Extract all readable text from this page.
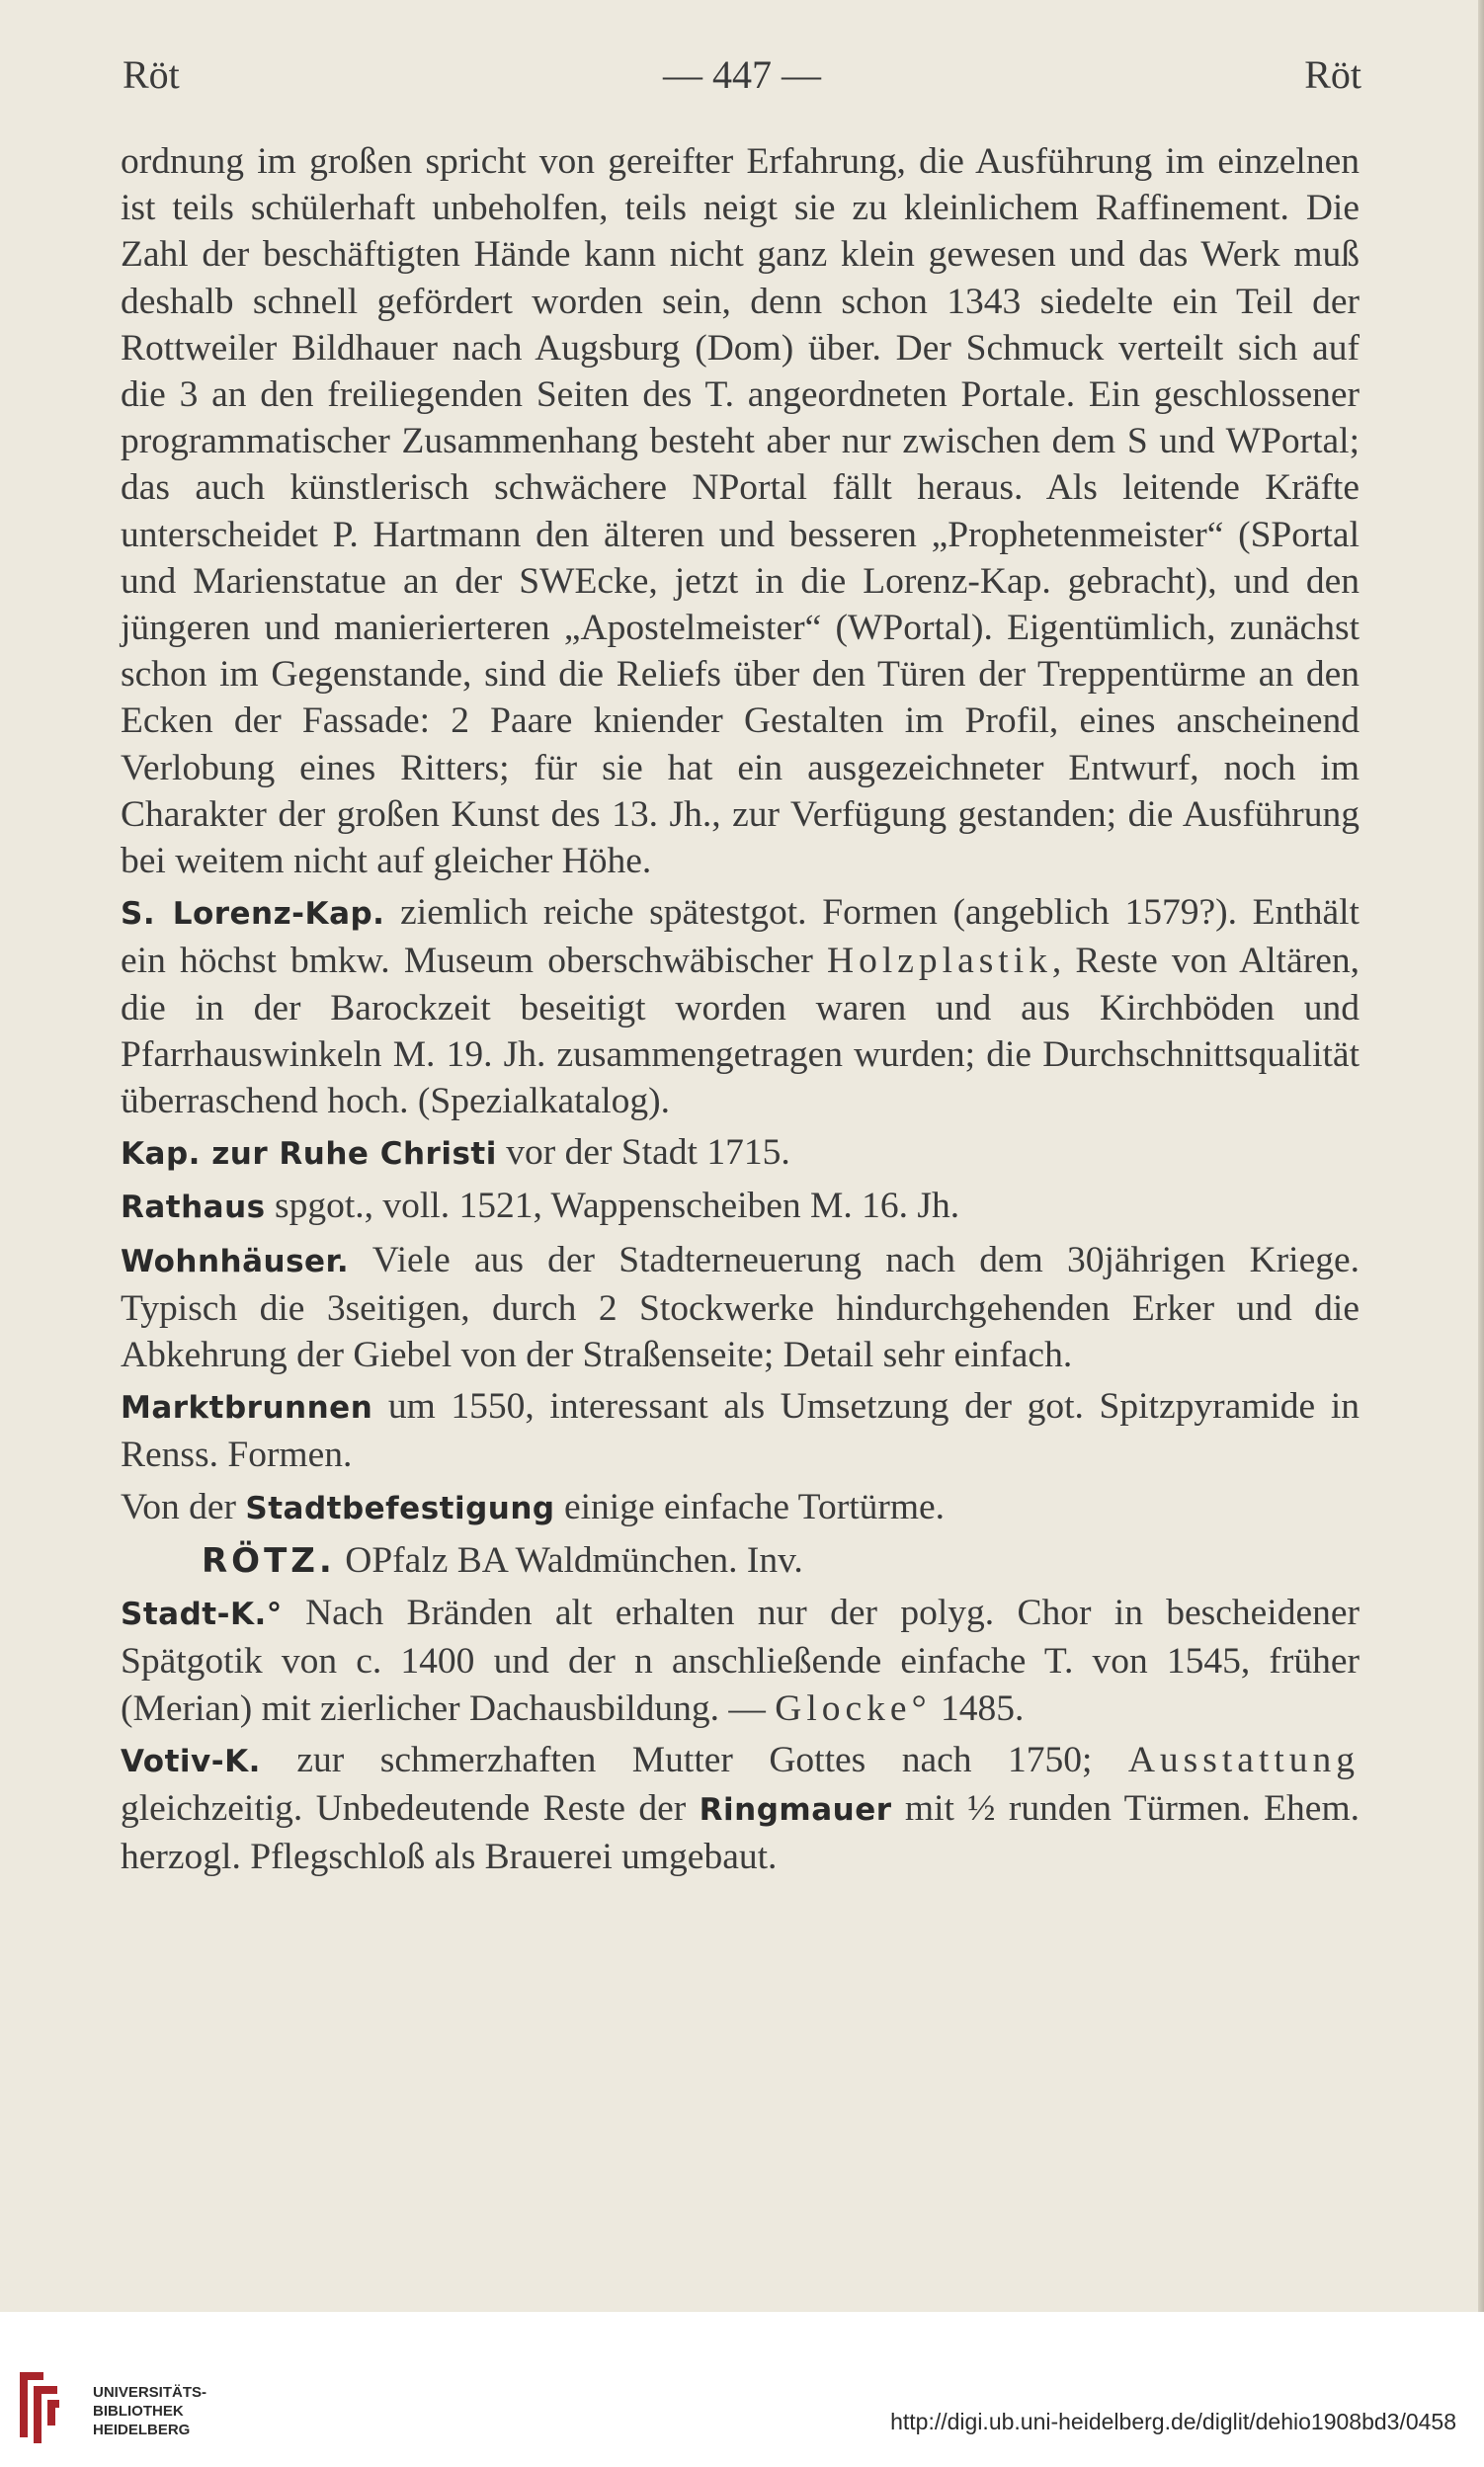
Röt	— 447 —	Röt

ordnung im großen spricht von gereifter Erfahrung, die Ausführung im einzelnen ist teils schülerhaft unbeholfen, teils neigt sie zu kleinlichem Raffinement. Die Zahl der beschäftigten Hände kann nicht ganz klein gewesen und das Werk muß deshalb schnell gefördert worden sein, denn schon 1343 siedelte ein Teil der Rottweiler Bildhauer nach Augsburg (Dom) über. Der Schmuck verteilt sich auf die 3 an den freiliegenden Seiten des T. angeordneten Portale. Ein geschlossener programmatischer Zusammenhang besteht aber nur zwischen dem S und WPortal; das auch künstlerisch schwächere NPortal fällt heraus. Als leitende Kräfte unterscheidet P. Hartmann den älteren und besseren „Prophetenmeister“ (SPortal und Marienstatue an der SWEcke, jetzt in die Lorenz-Kap. gebracht), und den jüngeren und manierierteren „Apostelmeister“ (WPortal). Eigentümlich, zunächst schon im Gegenstande, sind die Reliefs über den Türen der Treppentürme an den Ecken der Fassade: 2 Paare kniender Gestalten im Profil, eines anscheinend Verlobung eines Ritters; für sie hat ein ausgezeichneter Entwurf, noch im Charakter der großen Kunst des 13. Jh., zur Verfügung gestanden; die Ausführung bei weitem nicht auf gleicher Höhe.

S. Lorenz-Kap. ziemlich reiche spätestgot. Formen (angeblich 1579?). Enthält ein höchst bmkw. Museum oberschwäbischer Holzplastik, Reste von Altären, die in der Barockzeit beseitigt worden waren und aus Kirchböden und Pfarrhauswinkeln M. 19. Jh. zusammengetragen wurden; die Durchschnittsqualität überraschend hoch. (Spezialkatalog).

Kap. zur Ruhe Christi vor der Stadt 1715.

Rathaus spgot., voll. 1521, Wappenscheiben M. 16. Jh.

Wohnhäuser. Viele aus der Stadterneuerung nach dem 30jährigen Kriege. Typisch die 3seitigen, durch 2 Stockwerke hindurchgehenden Erker und die Abkehrung der Giebel von der Straßenseite; Detail sehr einfach.

Marktbrunnen um 1550, interessant als Umsetzung der got. Spitzpyramide in Renss. Formen.

Von der Stadtbefestigung einige einfache Tortürme.

RÖTZ. OPfalz BA Waldmünchen. Inv.

Stadt-K.° Nach Bränden alt erhalten nur der polyg. Chor in bescheidener Spätgotik von c. 1400 und der n anschließende einfache T. von 1545, früher (Merian) mit zierlicher Dachausbildung. — Glocke° 1485.

Votiv-K. zur schmerzhaften Mutter Gottes nach 1750; Ausstattung gleichzeitig. Unbedeutende Reste der Ringmauer mit ½ runden Türmen. Ehem. herzogl. Pflegschloß als Brauerei umgebaut.

UNIVERSITÄTS-
BIBLIOTHEK
HEIDELBERG	http://digi.ub.uni-heidelberg.de/diglit/dehio1908bd3/0458
